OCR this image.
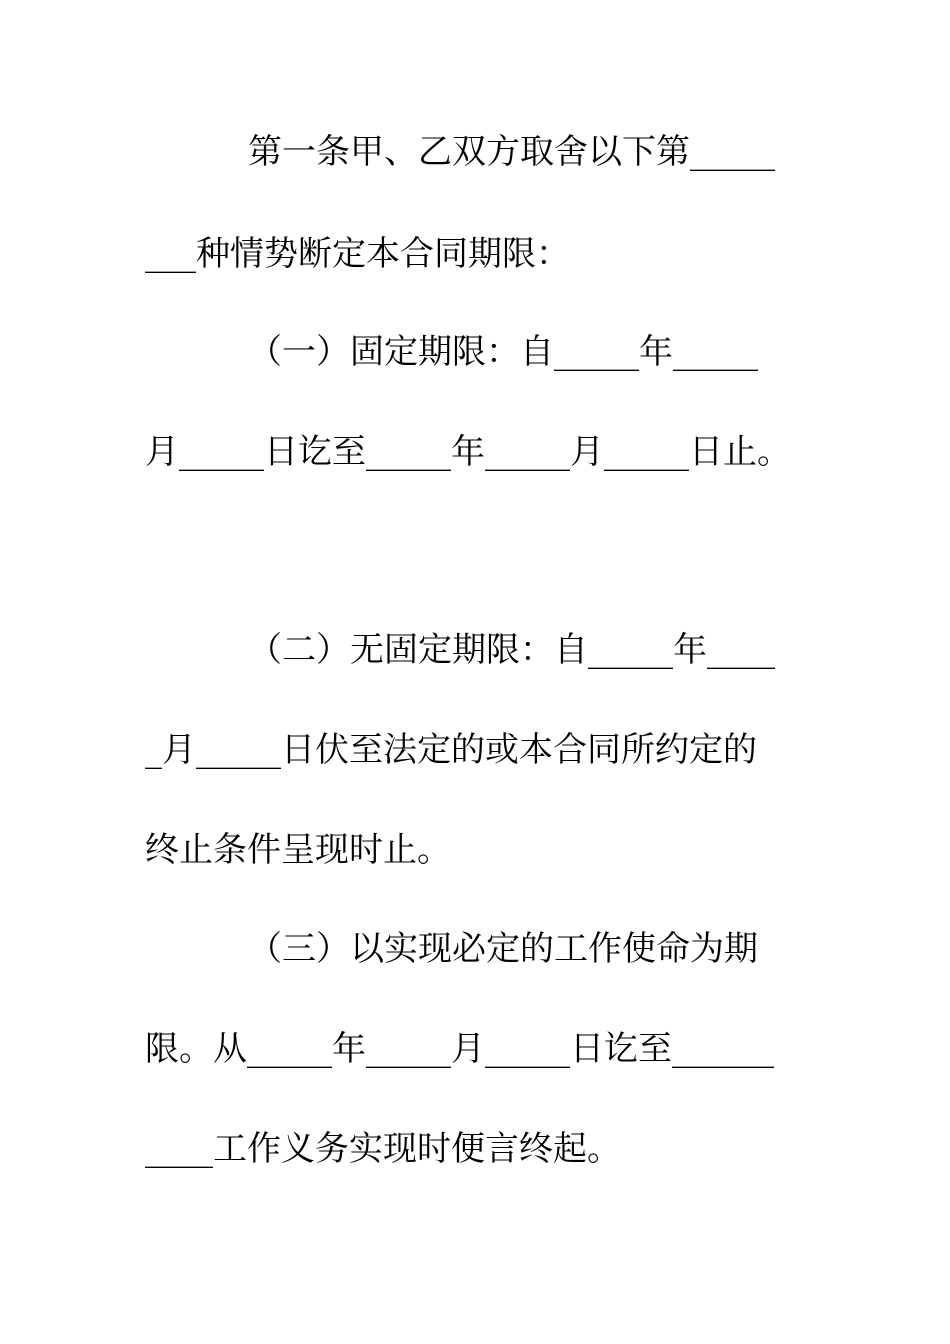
第一条甲、乙双方取舍以下第_____
___种情势断定本合同期限：
（一）固定期限：自_____年_____
月_____日讫至_____年_____月_____日止。
（二）无固定期限：自_____年____
_月_____日伏至法定的或本合同所约定的
终止条件呈现时止。
（三）以实现必定的工作使命为期
限。从_____年_____月_____日讫至______
____工作义务实现时便言终起。
